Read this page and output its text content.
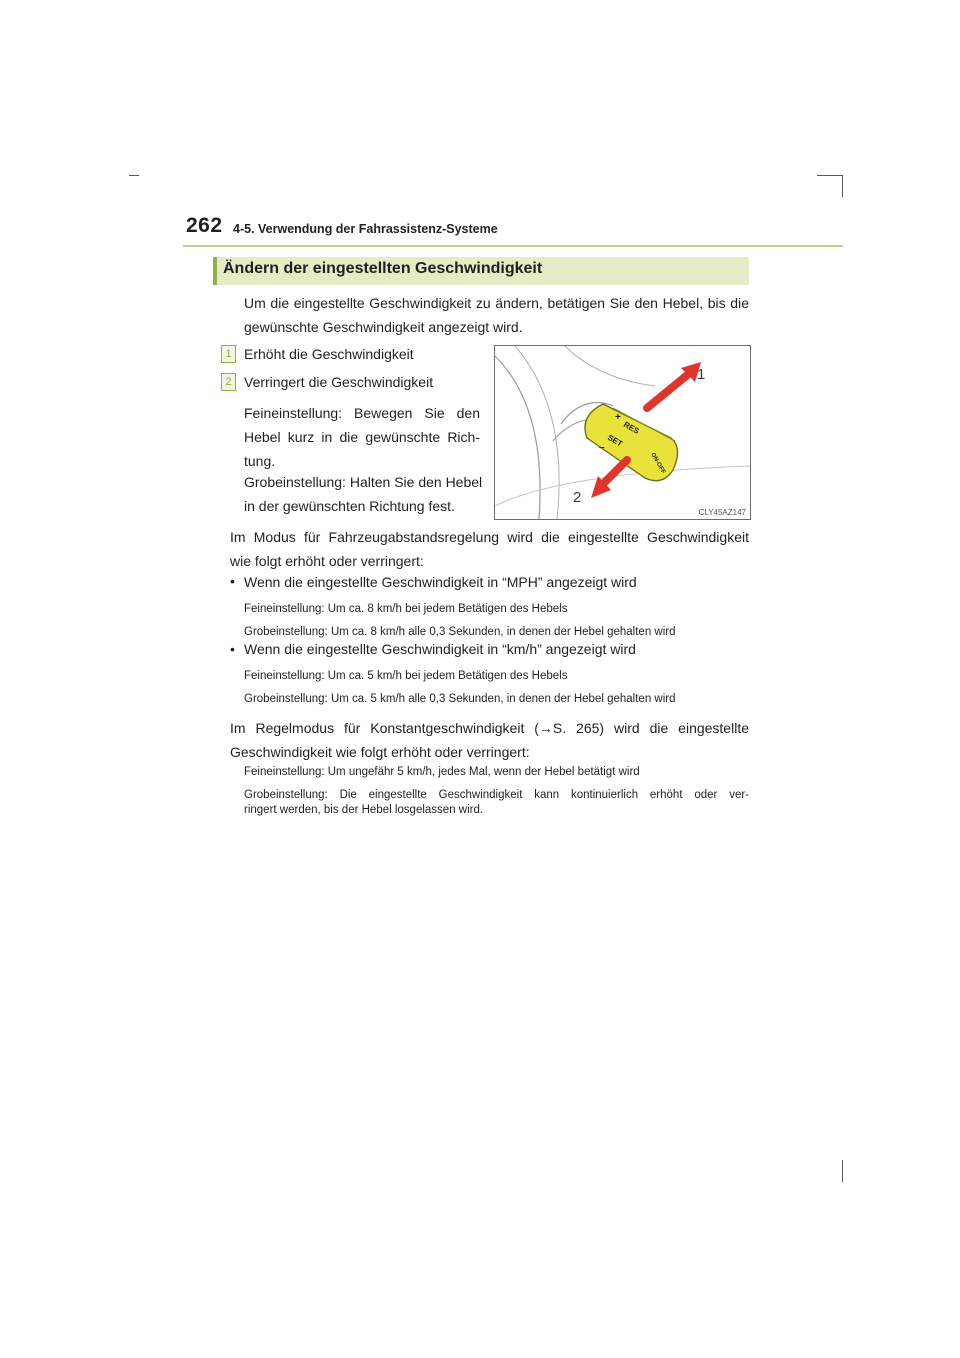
262 4-5. Verwendung der Fahrassistenz-Systeme
Ändern der eingestellten Geschwindigkeit
Um die eingestellte Geschwindigkeit zu ändern, betätigen Sie den Hebel, bis die
gewünschte Geschwindigkeit angezeigt wird.
1 Erhöht die Geschwindigkeit
2 Verringert die Geschwindigkeit
Feineinstellung: Bewegen Sie den
Hebel kurz in die gewünschte Rich-
tung.
Grobeinstellung: Halten Sie den Hebel
in der gewünschten Richtung fest.
RES
SET
+
–
ON-OFF
1
2
CLY45AZ147
Im Modus für Fahrzeugabstandsregelung wird die eingestellte Geschwindigkeit
wie folgt erhöht oder verringert:
• Wenn die eingestellte Geschwindigkeit in “MPH” angezeigt wird
Feineinstellung: Um ca. 8 km/h bei jedem Betätigen des Hebels
Grobeinstellung: Um ca. 8 km/h alle 0,3 Sekunden, in denen der Hebel gehalten wird
• Wenn die eingestellte Geschwindigkeit in “km/h” angezeigt wird
Feineinstellung: Um ca. 5 km/h bei jedem Betätigen des Hebels
Grobeinstellung: Um ca. 5 km/h alle 0,3 Sekunden, in denen der Hebel gehalten wird
Im Regelmodus für Konstantgeschwindigkeit (→S. 265) wird die eingestellte
Geschwindigkeit wie folgt erhöht oder verringert:
Feineinstellung: Um ungefähr 5 km/h, jedes Mal, wenn der Hebel betätigt wird
Grobeinstellung: Die eingestellte Geschwindigkeit kann kontinuierlich erhöht oder ver-
ringert werden, bis der Hebel losgelassen wird.
